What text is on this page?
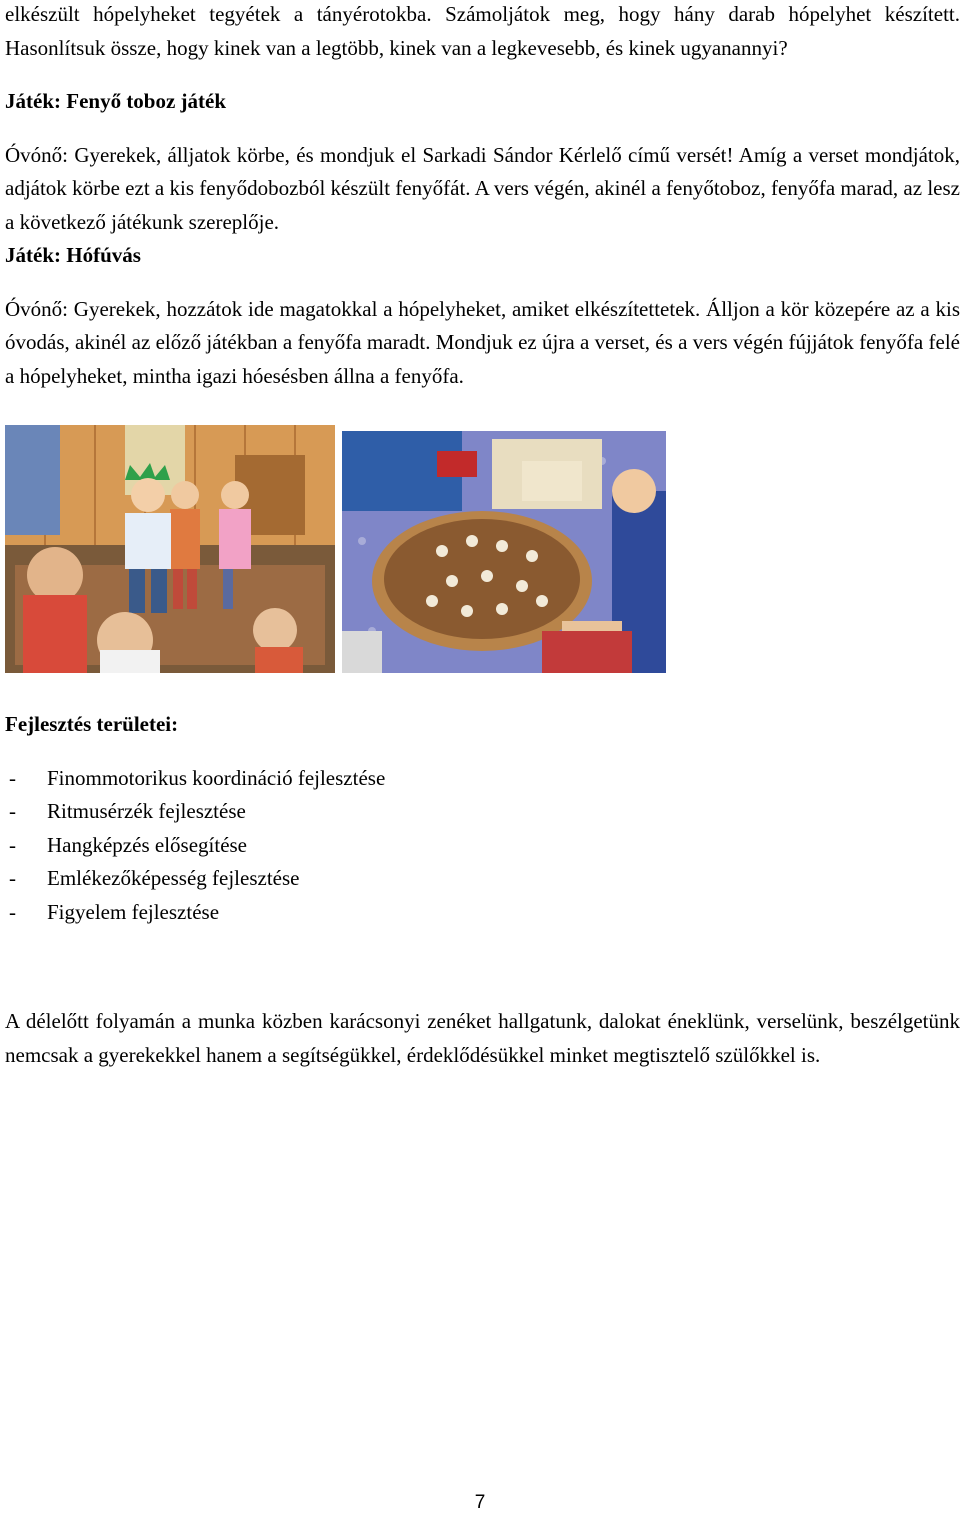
elkészült hópelyheket tegyétek a tányérotokba. Számoljátok meg, hogy hány darab hópelyhet készített. Hasonlítsuk össze, hogy kinek van a legtöbb, kinek van a legkevesebb, és kinek ugyanannyi?

Játék: Fenyő toboz játék

Óvónő: Gyerekek, álljatok körbe, és mondjuk el Sarkadi Sándor Kérlelő című versét! Amíg a verset mondjátok, adjátok körbe ezt a kis fenyődobozból készült fenyőfát. A vers végén, akinél a fenyőtoboz, fenyőfa marad, az lesz a következő játékunk szereplője.

Játék: Hófúvás

Óvónő: Gyerekek, hozzátok ide magatokkal a hópelyheket, amiket elkészítettetek. Álljon a kör közepére az a kis óvodás, akinél az előző játékban a fenyőfa maradt. Mondjuk ez újra a verset, és a vers végén fújjátok fenyőfa felé a hópelyheket, mintha igazi hóesésben állna a fenyőfa.

Fejlesztés területei:

- Finommotorikus koordináció fejlesztése
- Ritmusérzék fejlesztése
- Hangképzés elősegítése
- Emlékezőképesség fejlesztése
- Figyelem fejlesztése

A délelőtt folyamán a munka közben karácsonyi zenéket hallgatunk, dalokat éneklünk, verselünk, beszélgetünk nemcsak a gyerekekkel hanem a segítségükkel, érdeklődésükkel minket megtisztelő szülőkkel is.

7
